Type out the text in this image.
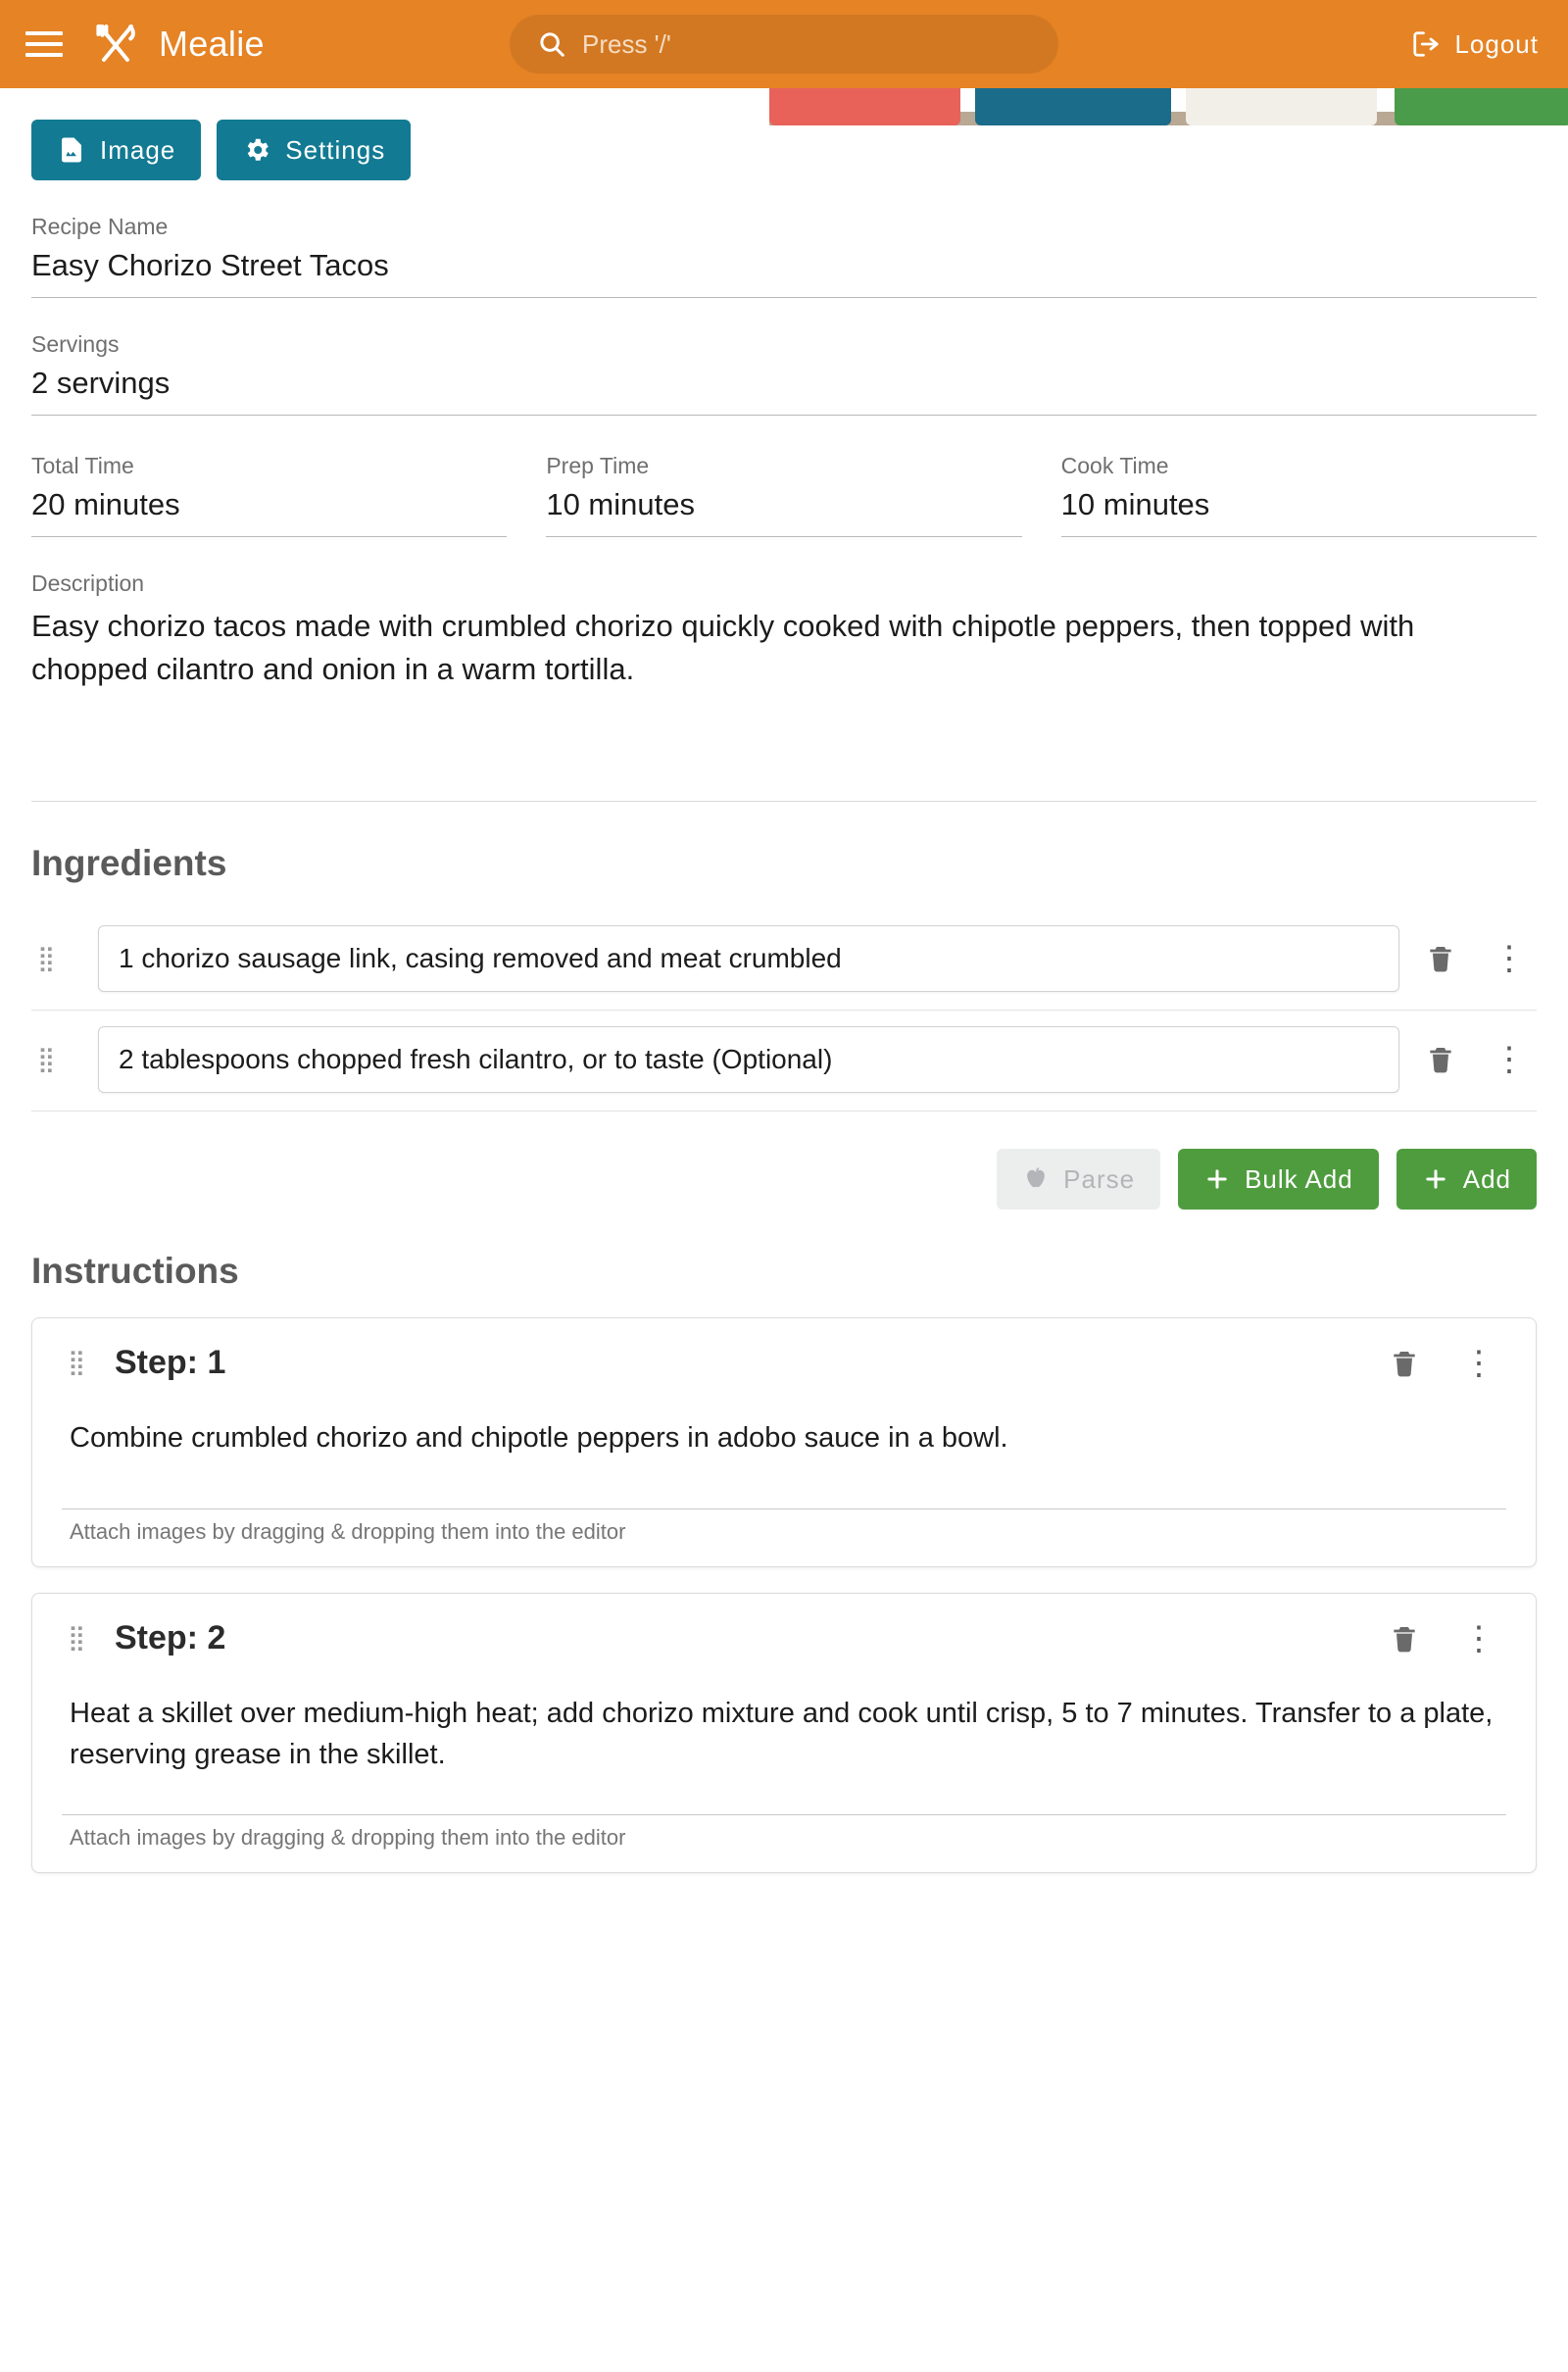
Mealie	Press '/'	Logout
Image	Settings
Recipe Name
Easy Chorizo Street Tacos
Servings
2 servings
Total Time
20 minutes
Prep Time
10 minutes
Cook Time
10 minutes
Description
Easy chorizo tacos made with crumbled chorizo quickly cooked with chipotle peppers, then topped with chopped cilantro and onion in a warm tortilla.
Ingredients
⣿	1 chorizo sausage link, casing removed and meat crumbled	⋮
⣿	2 tablespoons chopped fresh cilantro, or to taste (Optional)	⋮
Parse	Bulk Add	Add
Instructions
⣿ Step: 1	⋮
Combine crumbled chorizo and chipotle peppers in adobo sauce in a bowl.
Attach images by dragging & dropping them into the editor
⣿ Step: 2	⋮
Heat a skillet over medium-high heat; add chorizo mixture and cook until crisp, 5 to 7 minutes. Transfer to a plate, reserving grease in the skillet.
Attach images by dragging & dropping them into the editor
